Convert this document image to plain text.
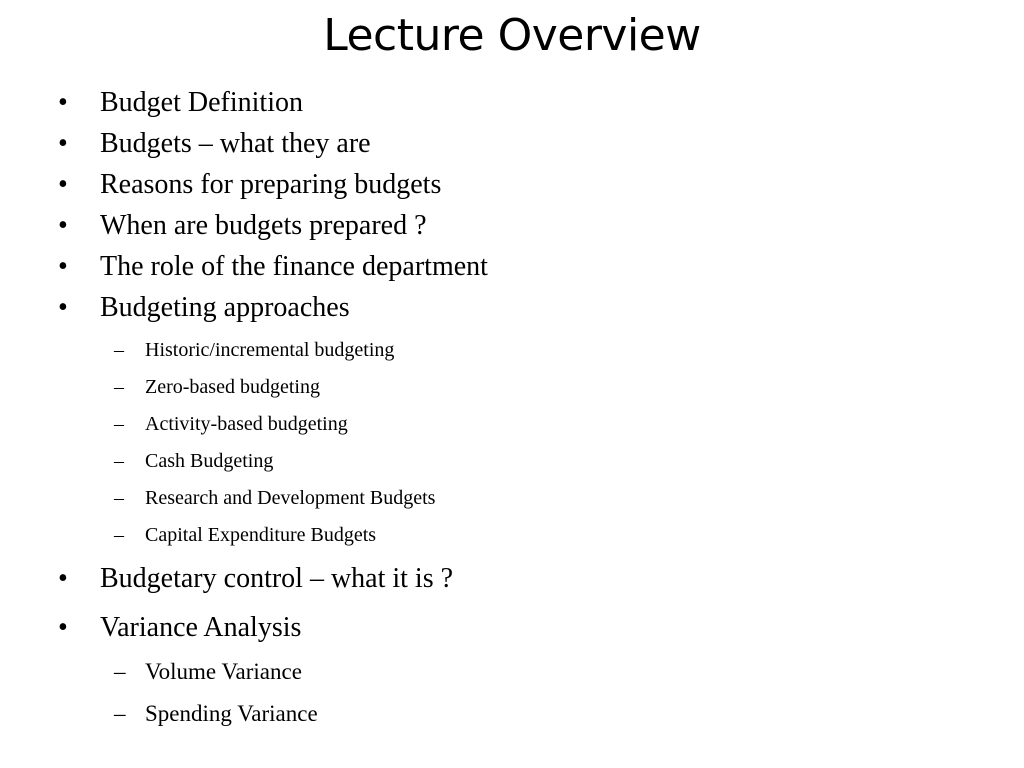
Lecture Overview
• Budget Definition
• Budgets – what they are
• Reasons for preparing budgets
• When are budgets prepared ?
• The role of the finance department
• Budgeting approaches
– Historic/incremental budgeting
– Zero-based budgeting
– Activity-based budgeting
– Cash Budgeting
– Research and Development Budgets
– Capital Expenditure Budgets
• Budgetary control – what it is ?
• Variance Analysis
– Volume Variance
– Spending Variance
